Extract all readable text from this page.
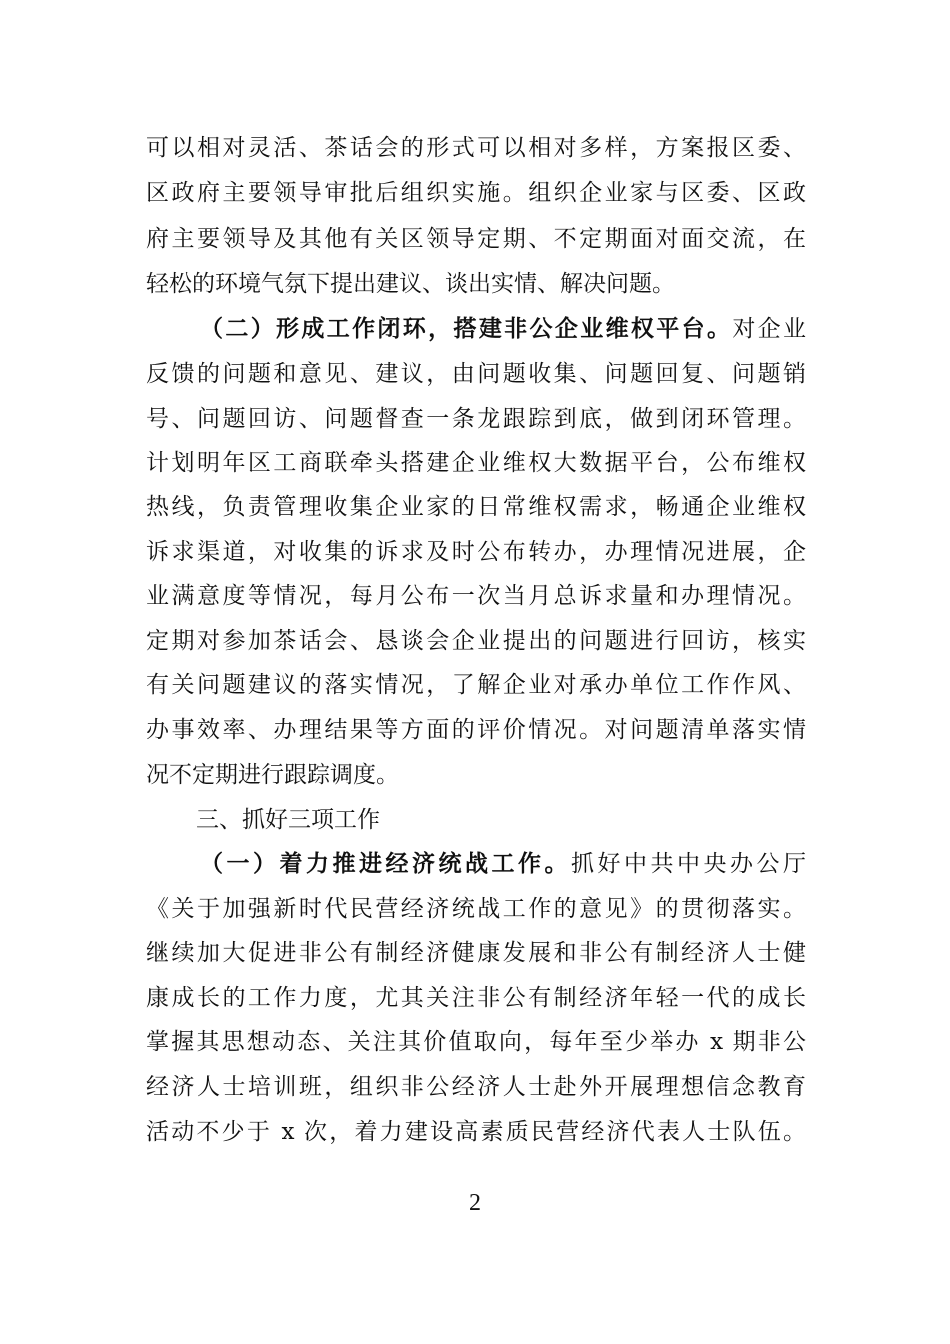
可以相对灵活、茶话会的形式可以相对多样，方案报区委、
区政府主要领导审批后组织实施。组织企业家与区委、区政
府主要领导及其他有关区领导定期、不定期面对面交流，在
轻松的环境气氛下提出建议、谈出实情、解决问题。
（二）形成工作闭环，搭建非公企业维权平台。对企业
反馈的问题和意见、建议，由问题收集、问题回复、问题销
号、问题回访、问题督查一条龙跟踪到底，做到闭环管理。
计划明年区工商联牵头搭建企业维权大数据平台，公布维权
热线，负责管理收集企业家的日常维权需求，畅通企业维权
诉求渠道，对收集的诉求及时公布转办，办理情况进展，企
业满意度等情况，每月公布一次当月总诉求量和办理情况。
定期对参加茶话会、恳谈会企业提出的问题进行回访，核实
有关问题建议的落实情况，了解企业对承办单位工作作风、
办事效率、办理结果等方面的评价情况。对问题清单落实情
况不定期进行跟踪调度。
三、抓好三项工作
（一）着力推进经济统战工作。抓好中共中央办公厅
《关于加强新时代民营经济统战工作的意见》的贯彻落实。
继续加大促进非公有制经济健康发展和非公有制经济人士健
康成长的工作力度，尤其关注非公有制经济年轻一代的成长
掌握其思想动态、关注其价值取向，每年至少举办 x 期非公
经济人士培训班，组织非公经济人士赴外开展理想信念教育
活动不少于 x 次，着力建设高素质民营经济代表人士队伍。
2
